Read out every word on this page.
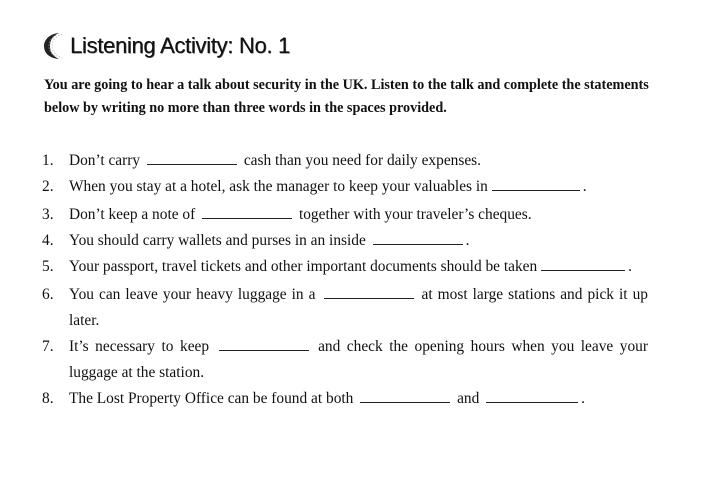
Listening Activity: No. 1
You are going to hear a talk about security in the UK. Listen to the talk and complete the statements below by writing no more than three words in the spaces provided.
1.	Don’t carry	cash than you need for daily expenses.
2.	When you stay at a hotel, ask the manager to keep your valuables in	.
3.	Don’t keep a note of	together with your traveler’s cheques.
4.	You should carry wallets and purses in an inside	.
5.	Your passport, travel tickets and other important documents should be taken	.
6.	You can leave your heavy luggage in a	at most large stations and pick it up later.
7.	It’s necessary to keep	and check the opening hours when you leave your luggage at the station.
8.	The Lost Property Office can be found at both	and	.
